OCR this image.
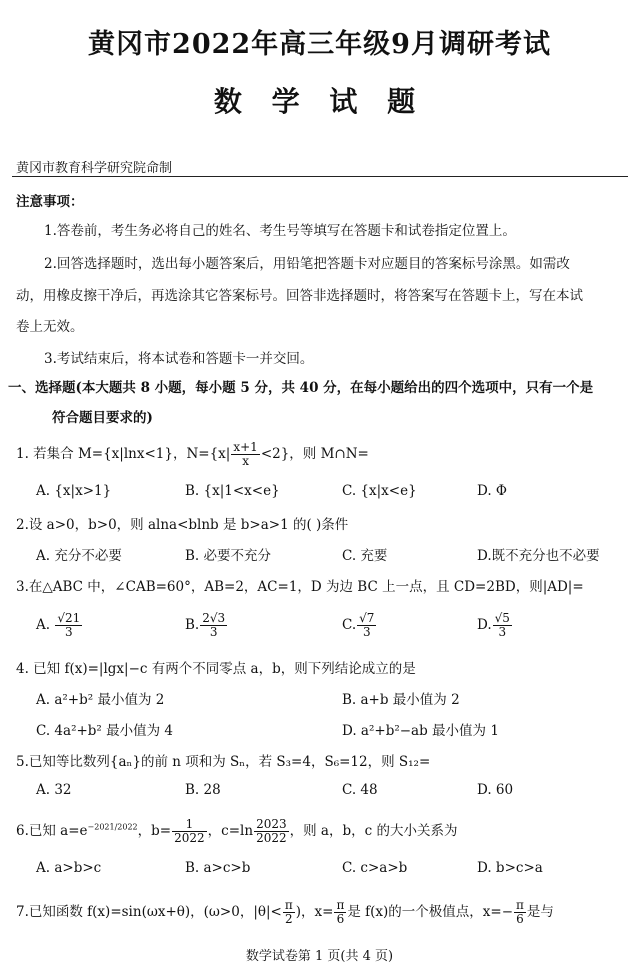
黄冈市2022年高三年级9月调研考试
数 学 试 题
黄冈市教育科学研究院命制
注意事项：
1.答卷前，考生务必将自己的姓名、考生号等填写在答题卡和试卷指定位置上。
2.回答选择题时，选出每小题答案后，用铅笔把答题卡对应题目的答案标号涂黑。如需改
动，用橡皮擦干净后，再选涂其它答案标号。回答非选择题时，将答案写在答题卡上，写在本试
卷上无效。
3.考试结束后，将本试卷和答题卡一并交回。
一、选择题(本大题共 8 小题，每小题 5 分，共 40 分，在每小题给出的四个选项中，只有一个是
符合题目要求的)
1. 若集合 M={x|lnx<1}，$N=\{x| \frac{x+1}{x} <2\}$，则 M∩N=
A. {x|x>1}	B. {x|1<x<e}	C. {x|x<e}	D. Φ
2.设 a>0，b>0，则 alna<blnb 是 b>a>1 的( )条件
A. 充分不必要	B. 必要不充分	C. 充要	D.既不充分也不必要
3.在△ABC 中，∠CAB=60°，AB=2，AC=1，D 为边 BC 上一点，且 CD=2BD，则|AD|=
A. $\frac{√21}{3}$	B. $\frac{2√3}{3}$	C. $\frac{√7}{3}$	D. $\frac{√5}{3}$
4. 已知 f(x)=|lgx|−c 有两个不同零点 a，b，则下列结论成立的是
A. a²+b² 最小值为 2	B. a+b 最小值为 2
C. 4a²+b² 最小值为 4	D. a²+b²−ab 最小值为 1
5.已知等比数列{aₙ}的前 n 项和为 Sₙ，若 S₃=4，S₆=12，则 S₁₂=
A. 32	B. 28	C. 48	D. 60
6.已知 $a=e^{-2021/2022}$，$b= \frac{1}{2022}$ ，$c=\ln \frac{2023}{2022}$ ，则 a，b，c 的大小关系为
A. a>b>c	B. a>c>b	C. c>a>b	D. b>c>a
7.已知函数 f(x)=sin(ωx+θ)，(ω>0，$|\theta|< \frac{\pi}{2}$ )，$x= \frac{\pi}{6}$ 是 f(x)的一个极值点，$x=- \frac{\pi}{6}$ 是与
数学试卷第 1 页(共 4 页)
